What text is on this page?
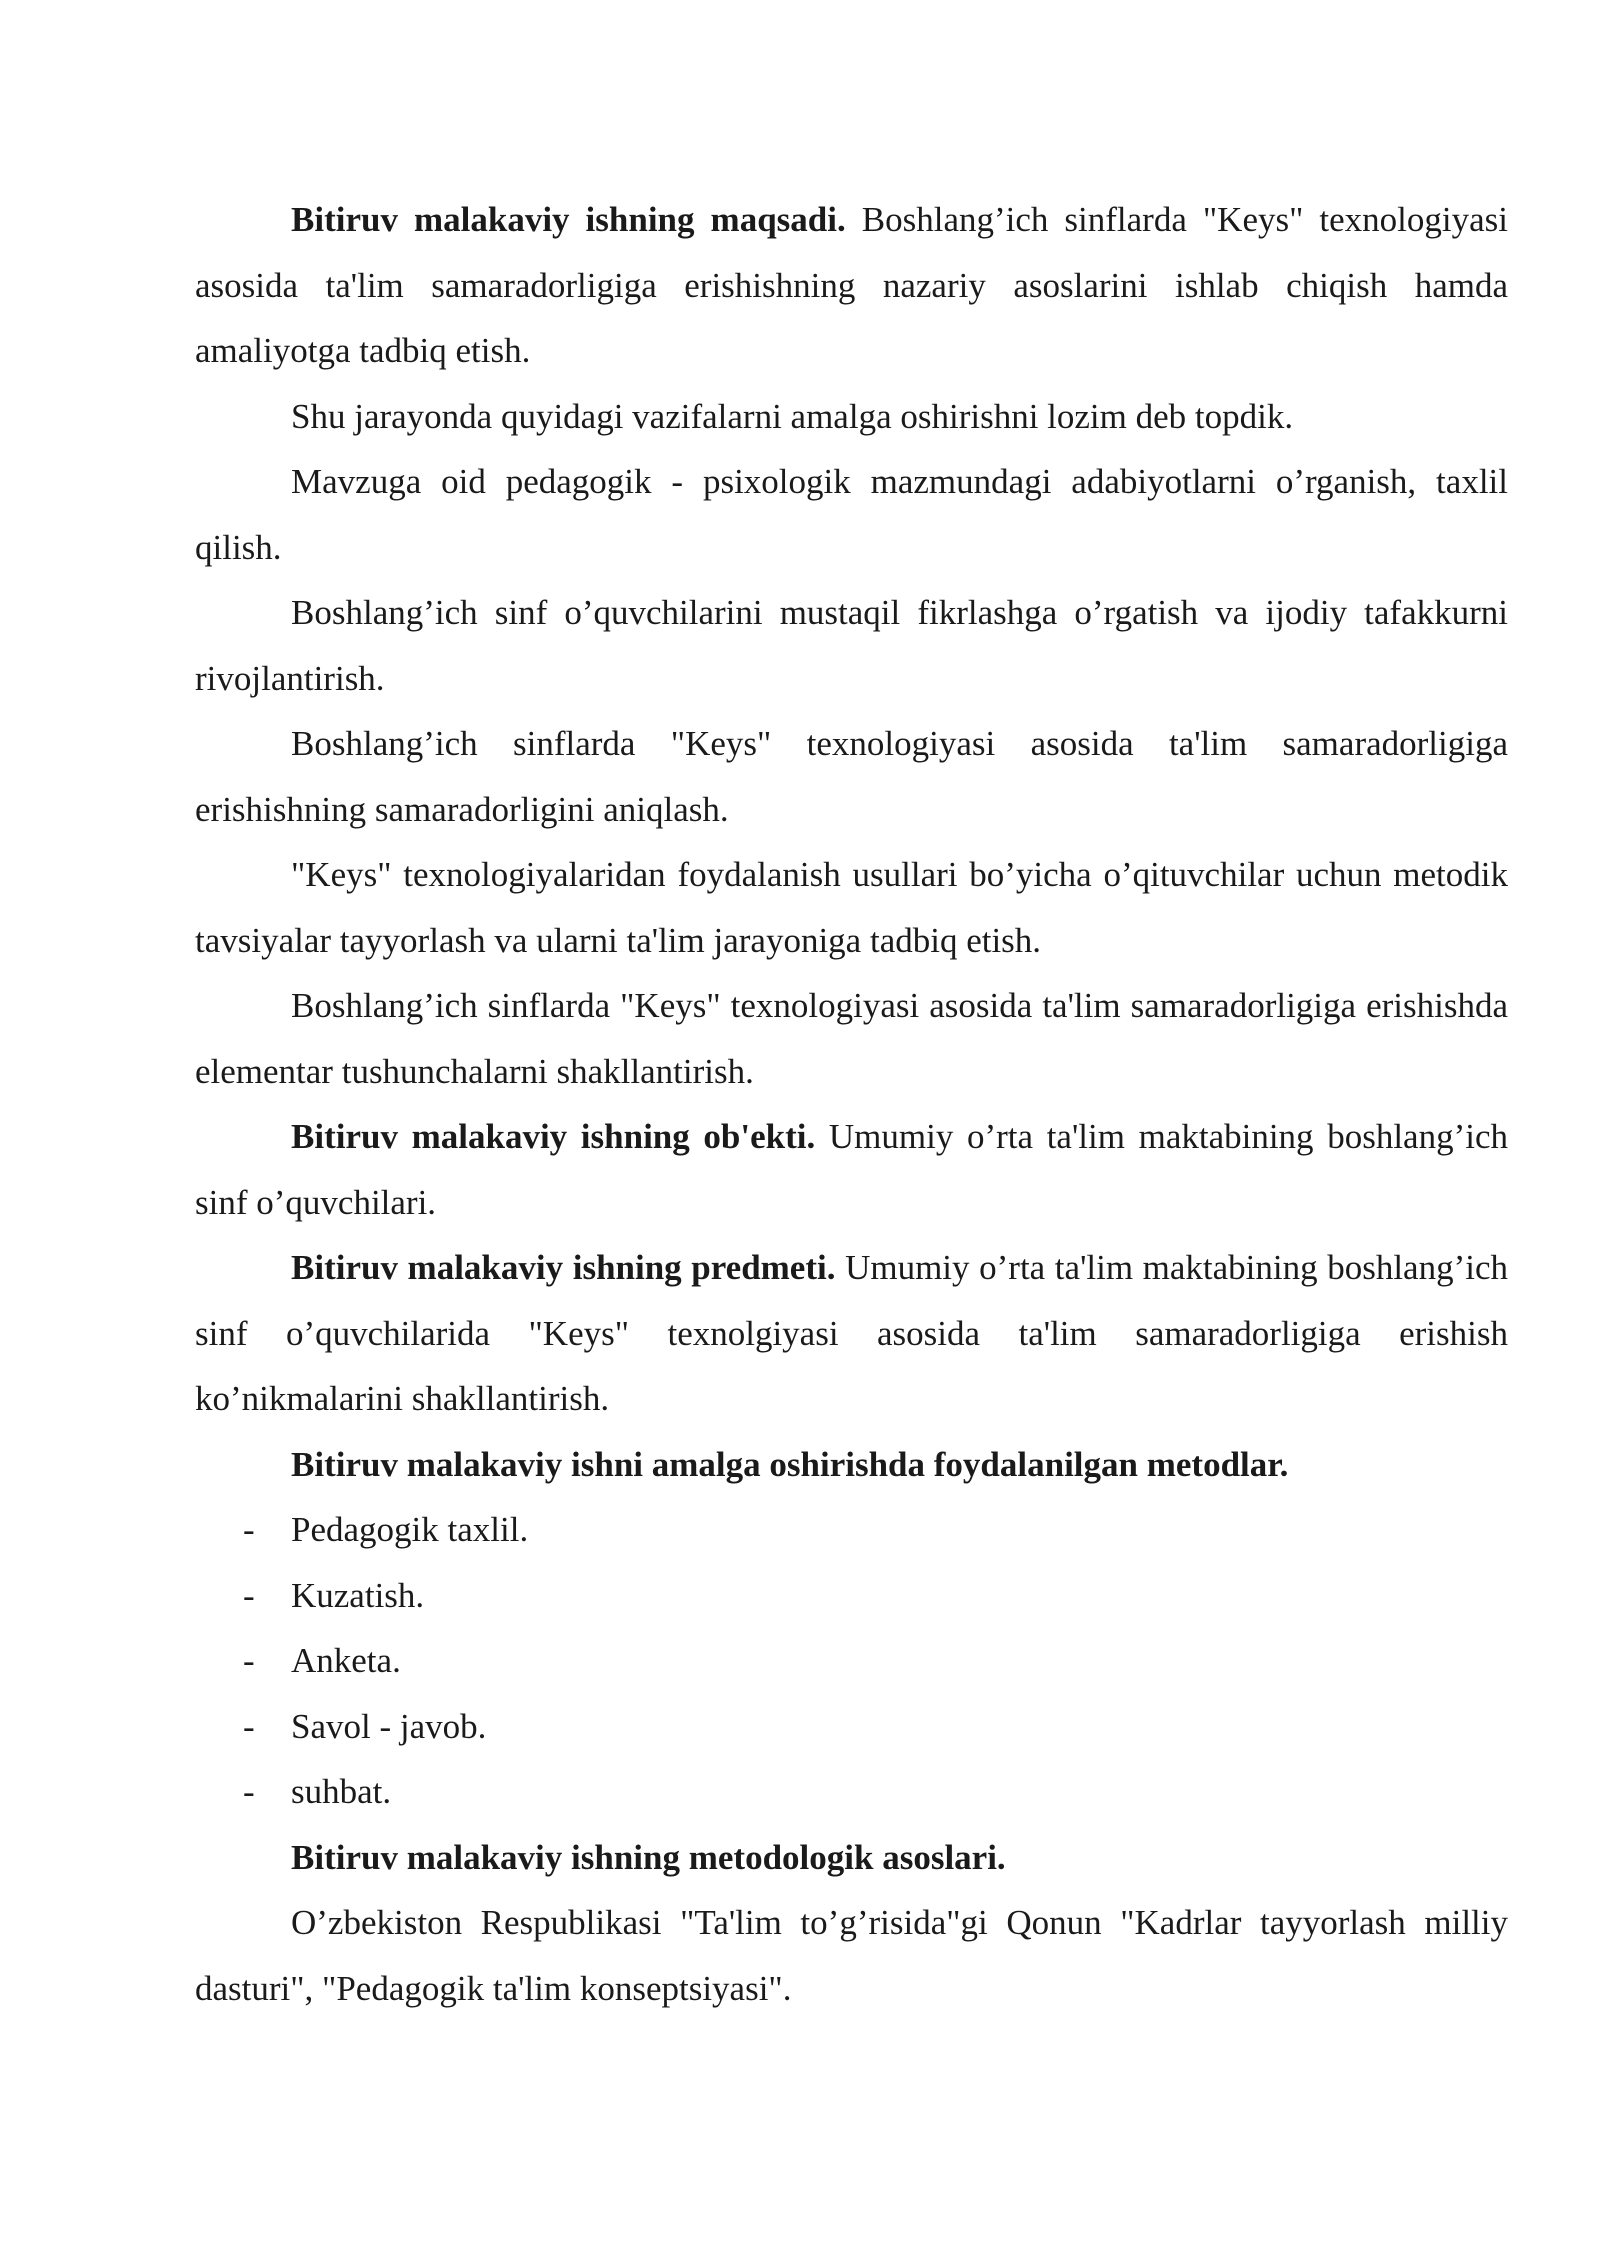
Bitiruv malakaviy ishning maqsadi. Boshlang’ich sinflarda "Keys" texnologiyasi asosida ta'lim samaradorligiga erishishning nazariy asoslarini ishlab chiqish hamda amaliyotga tadbiq etish.

Shu jarayonda quyidagi vazifalarni amalga oshirishni lozim deb topdik.

Mavzuga oid pedagogik - psixologik mazmundagi adabiyotlarni o’rganish, taxlil qilish.

Boshlang’ich sinf o’quvchilarini mustaqil fikrlashga o’rgatish va ijodiy tafakkurni rivojlantirish.

Boshlang’ich sinflarda "Keys" texnologiyasi asosida ta'lim samaradorligiga erishishning samaradorligini aniqlash.

"Keys" texnologiyalaridan foydalanish usullari bo’yicha o’qituvchilar uchun metodik tavsiyalar tayyorlash va ularni ta'lim jarayoniga tadbiq etish.

Boshlang’ich sinflarda "Keys" texnologiyasi asosida ta'lim samaradorligiga erishishda elementar tushunchalarni shakllantirish.

Bitiruv malakaviy ishning ob'ekti. Umumiy o’rta ta'lim maktabining boshlang’ich sinf o’quvchilari.

Bitiruv malakaviy ishning predmeti. Umumiy o’rta ta'lim maktabining boshlang’ich sinf o’quvchilarida "Keys" texnolgiyasi asosida ta'lim samaradorligiga erishish ko’nikmalarini shakllantirish.

Bitiruv malakaviy ishni amalga oshirishda foydalanilgan metodlar.

- Pedagogik taxlil.
- Kuzatish.
- Anketa.
- Savol - javob.
- suhbat.

Bitiruv malakaviy ishning metodologik asoslari.

O’zbekiston Respublikasi "Ta'lim to’g’risida"gi Qonun "Kadrlar tayyorlash milliy dasturi", "Pedagogik ta'lim konseptsiyasi".
